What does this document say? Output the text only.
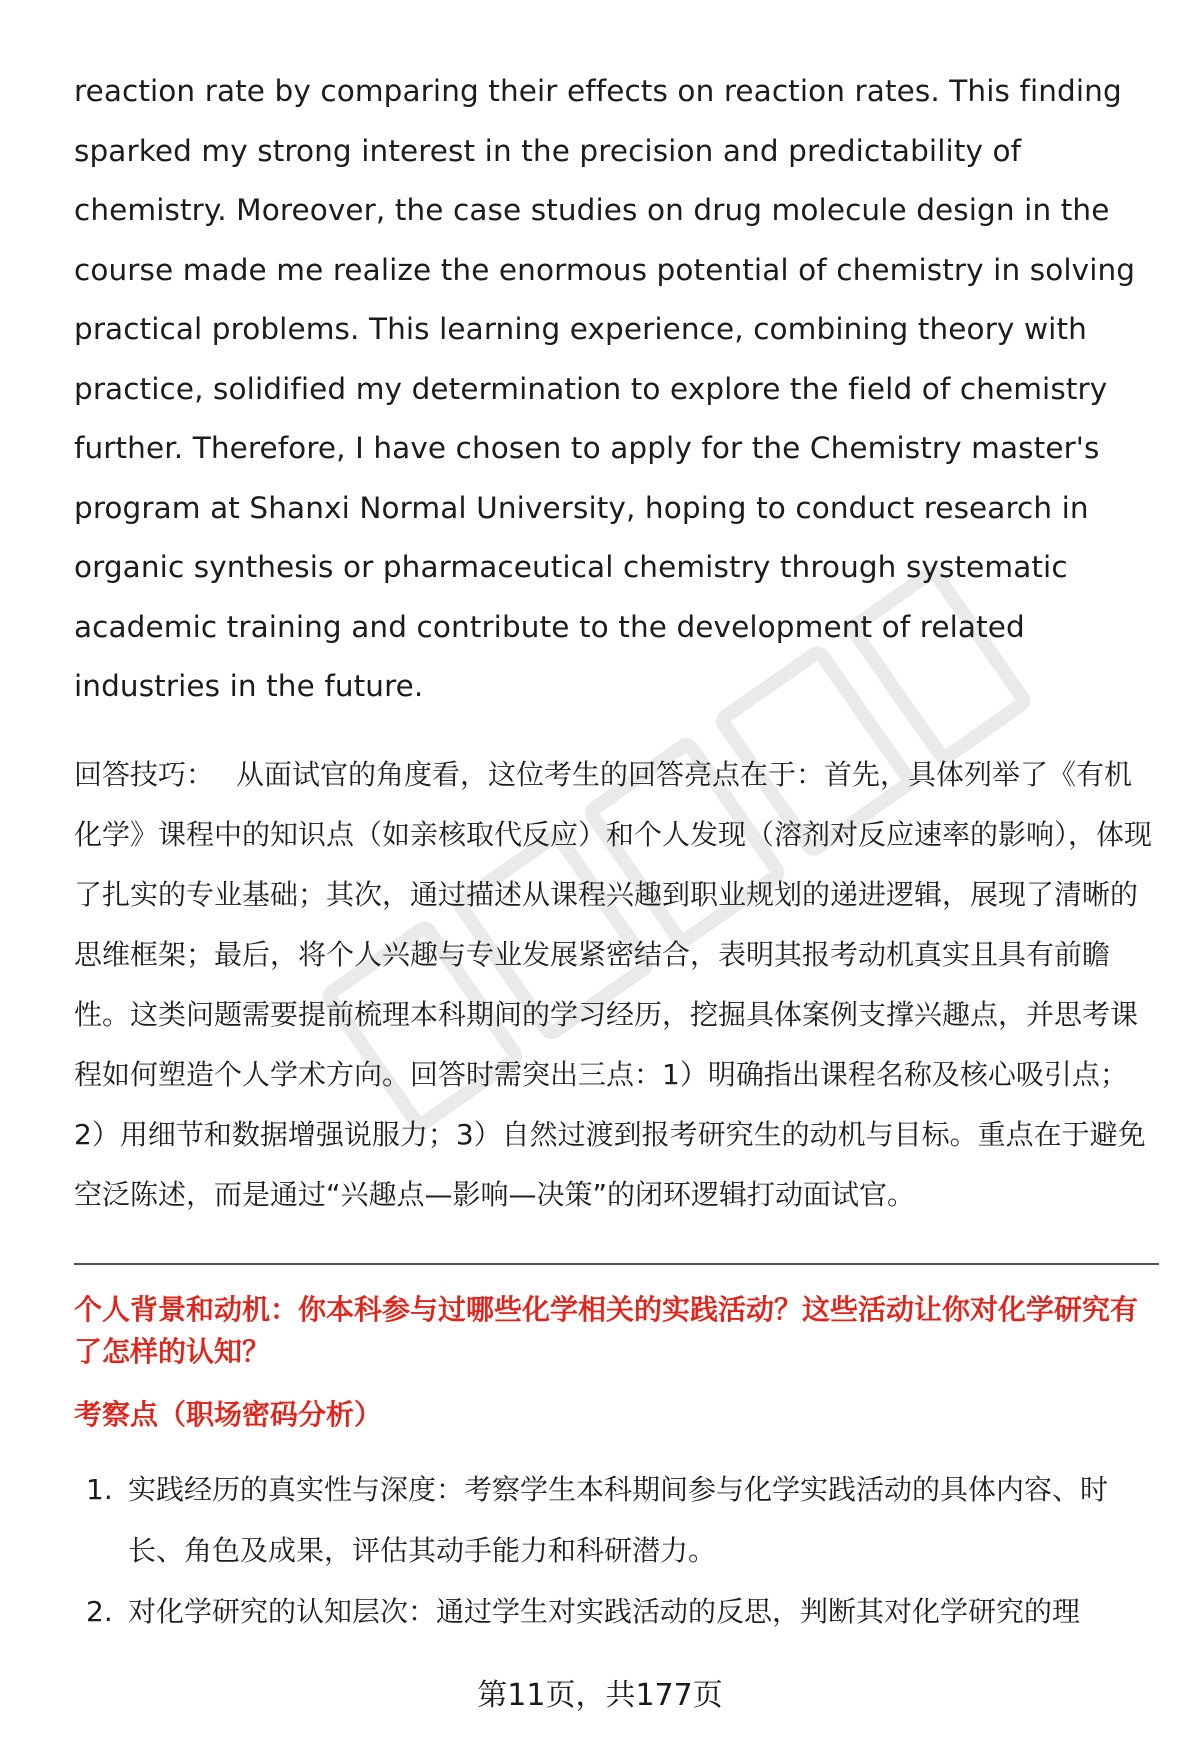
reaction rate by comparing their effects on reaction rates. This finding sparked my strong interest in the precision and predictability of chemistry. Moreover, the case studies on drug molecule design in the course made me realize the enormous potential of chemistry in solving practical problems. This learning experience, combining theory with practice, solidified my determination to explore the field of chemistry further. Therefore, I have chosen to apply for the Chemistry master's program at Shanxi Normal University, hoping to conduct research in organic synthesis or pharmaceutical chemistry through systematic academic training and contribute to the development of related industries in the future.

回答技巧： 从面试官的角度看，这位考生的回答亮点在于：首先，具体列举了《有机化学》课程中的知识点（如亲核取代反应）和个人发现（溶剂对反应速率的影响），体现了扎实的专业基础；其次，通过描述从课程兴趣到职业规划的递进逻辑，展现了清晰的思维框架；最后，将个人兴趣与专业发展紧密结合，表明其报考动机真实且具有前瞻性。这类问题需要提前梳理本科期间的学习经历，挖掘具体案例支撑兴趣点，并思考课程如何塑造个人学术方向。回答时需突出三点：1）明确指出课程名称及核心吸引点；2）用细节和数据增强说服力；3）自然过渡到报考研究生的动机与目标。重点在于避免空泛陈述，而是通过“兴趣点—影响—决策”的闭环逻辑打动面试官。

个人背景和动机：你本科参与过哪些化学相关的实践活动？这些活动让你对化学研究有了怎样的认知？
考察点（职场密码分析）
1. 实践经历的真实性与深度：考察学生本科期间参与化学实践活动的具体内容、时长、角色及成果，评估其动手能力和科研潜力。
2. 对化学研究的认知层次：通过学生对实践活动的反思，判断其对化学研究的理
第11页，共177页
